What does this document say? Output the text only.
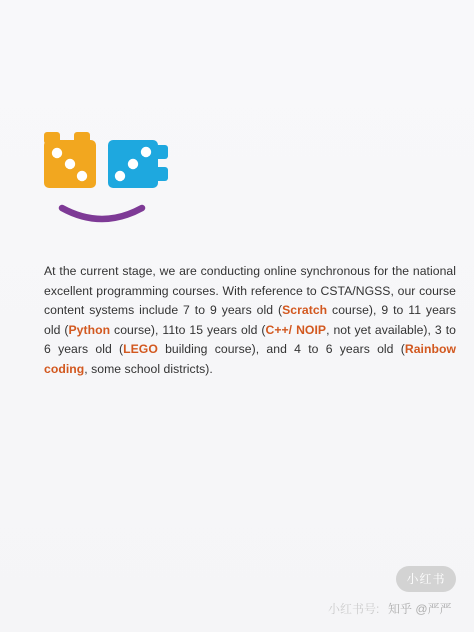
At the current stage, we are conducting online synchronous for the national excellent programming courses. With reference to CSTA/NGSS, our course content systems include 7 to 9 years old (Scratch course), 9 to 11 years old (Python course), 11to 15 years old (C++/ NOIP, not yet available), 3 to 6 years old (LEGO building course), and 4 to 6 years old (Rainbow coding, some school districts).

小红书
小红书号: 知乎 @严严
